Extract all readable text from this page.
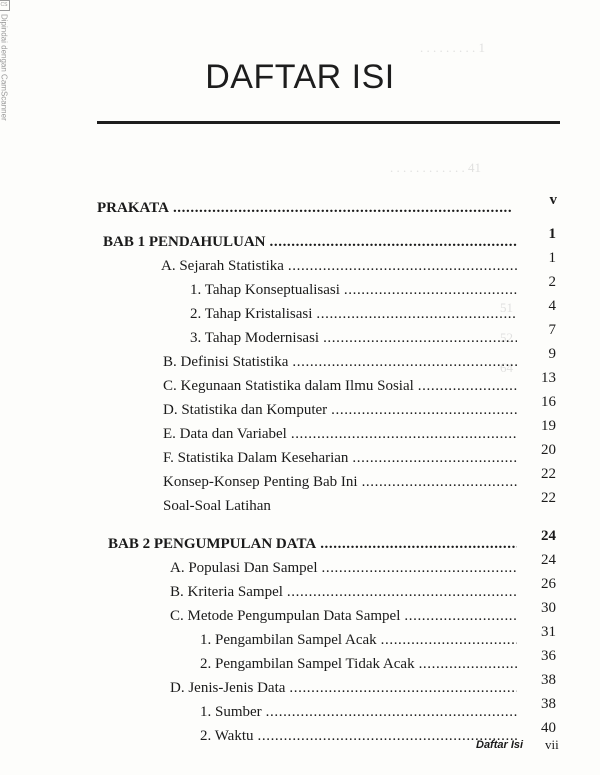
. . . . . . . . . 1
. . . . . . . . . . . . 41
51
52
64
CS
Dipindai dengan CamScanner	DAFTAR ISI
PRAKATA .....	v
BAB 1 PENDAHULUAN .....	1
A. Sejarah Statistika .....	1
1. Tahap Konseptualisasi .....	2
2. Tahap Kristalisasi .....	4
3. Tahap Modernisasi .....	7
B. Definisi Statistika .....	9
C. Kegunaan Statistika dalam Ilmu Sosial .....	13
D. Statistika dan Komputer .....	16
E. Data dan Variabel .....	19
F. Statistika Dalam Keseharian .....	20
Konsep-Konsep Penting Bab Ini .....	22
Soal-Soal Latihan	22
BAB 2 PENGUMPULAN DATA .....	24
A. Populasi Dan Sampel .....	24
B. Kriteria Sampel .....	26
C. Metode Pengumpulan Data Sampel .....	30
1. Pengambilan Sampel Acak .....	31
2. Pengambilan Sampel Tidak Acak .....	36
D. Jenis-Jenis Data .....	38
1. Sumber .....	38
2. Waktu .....	40
Daftar Isi vii
